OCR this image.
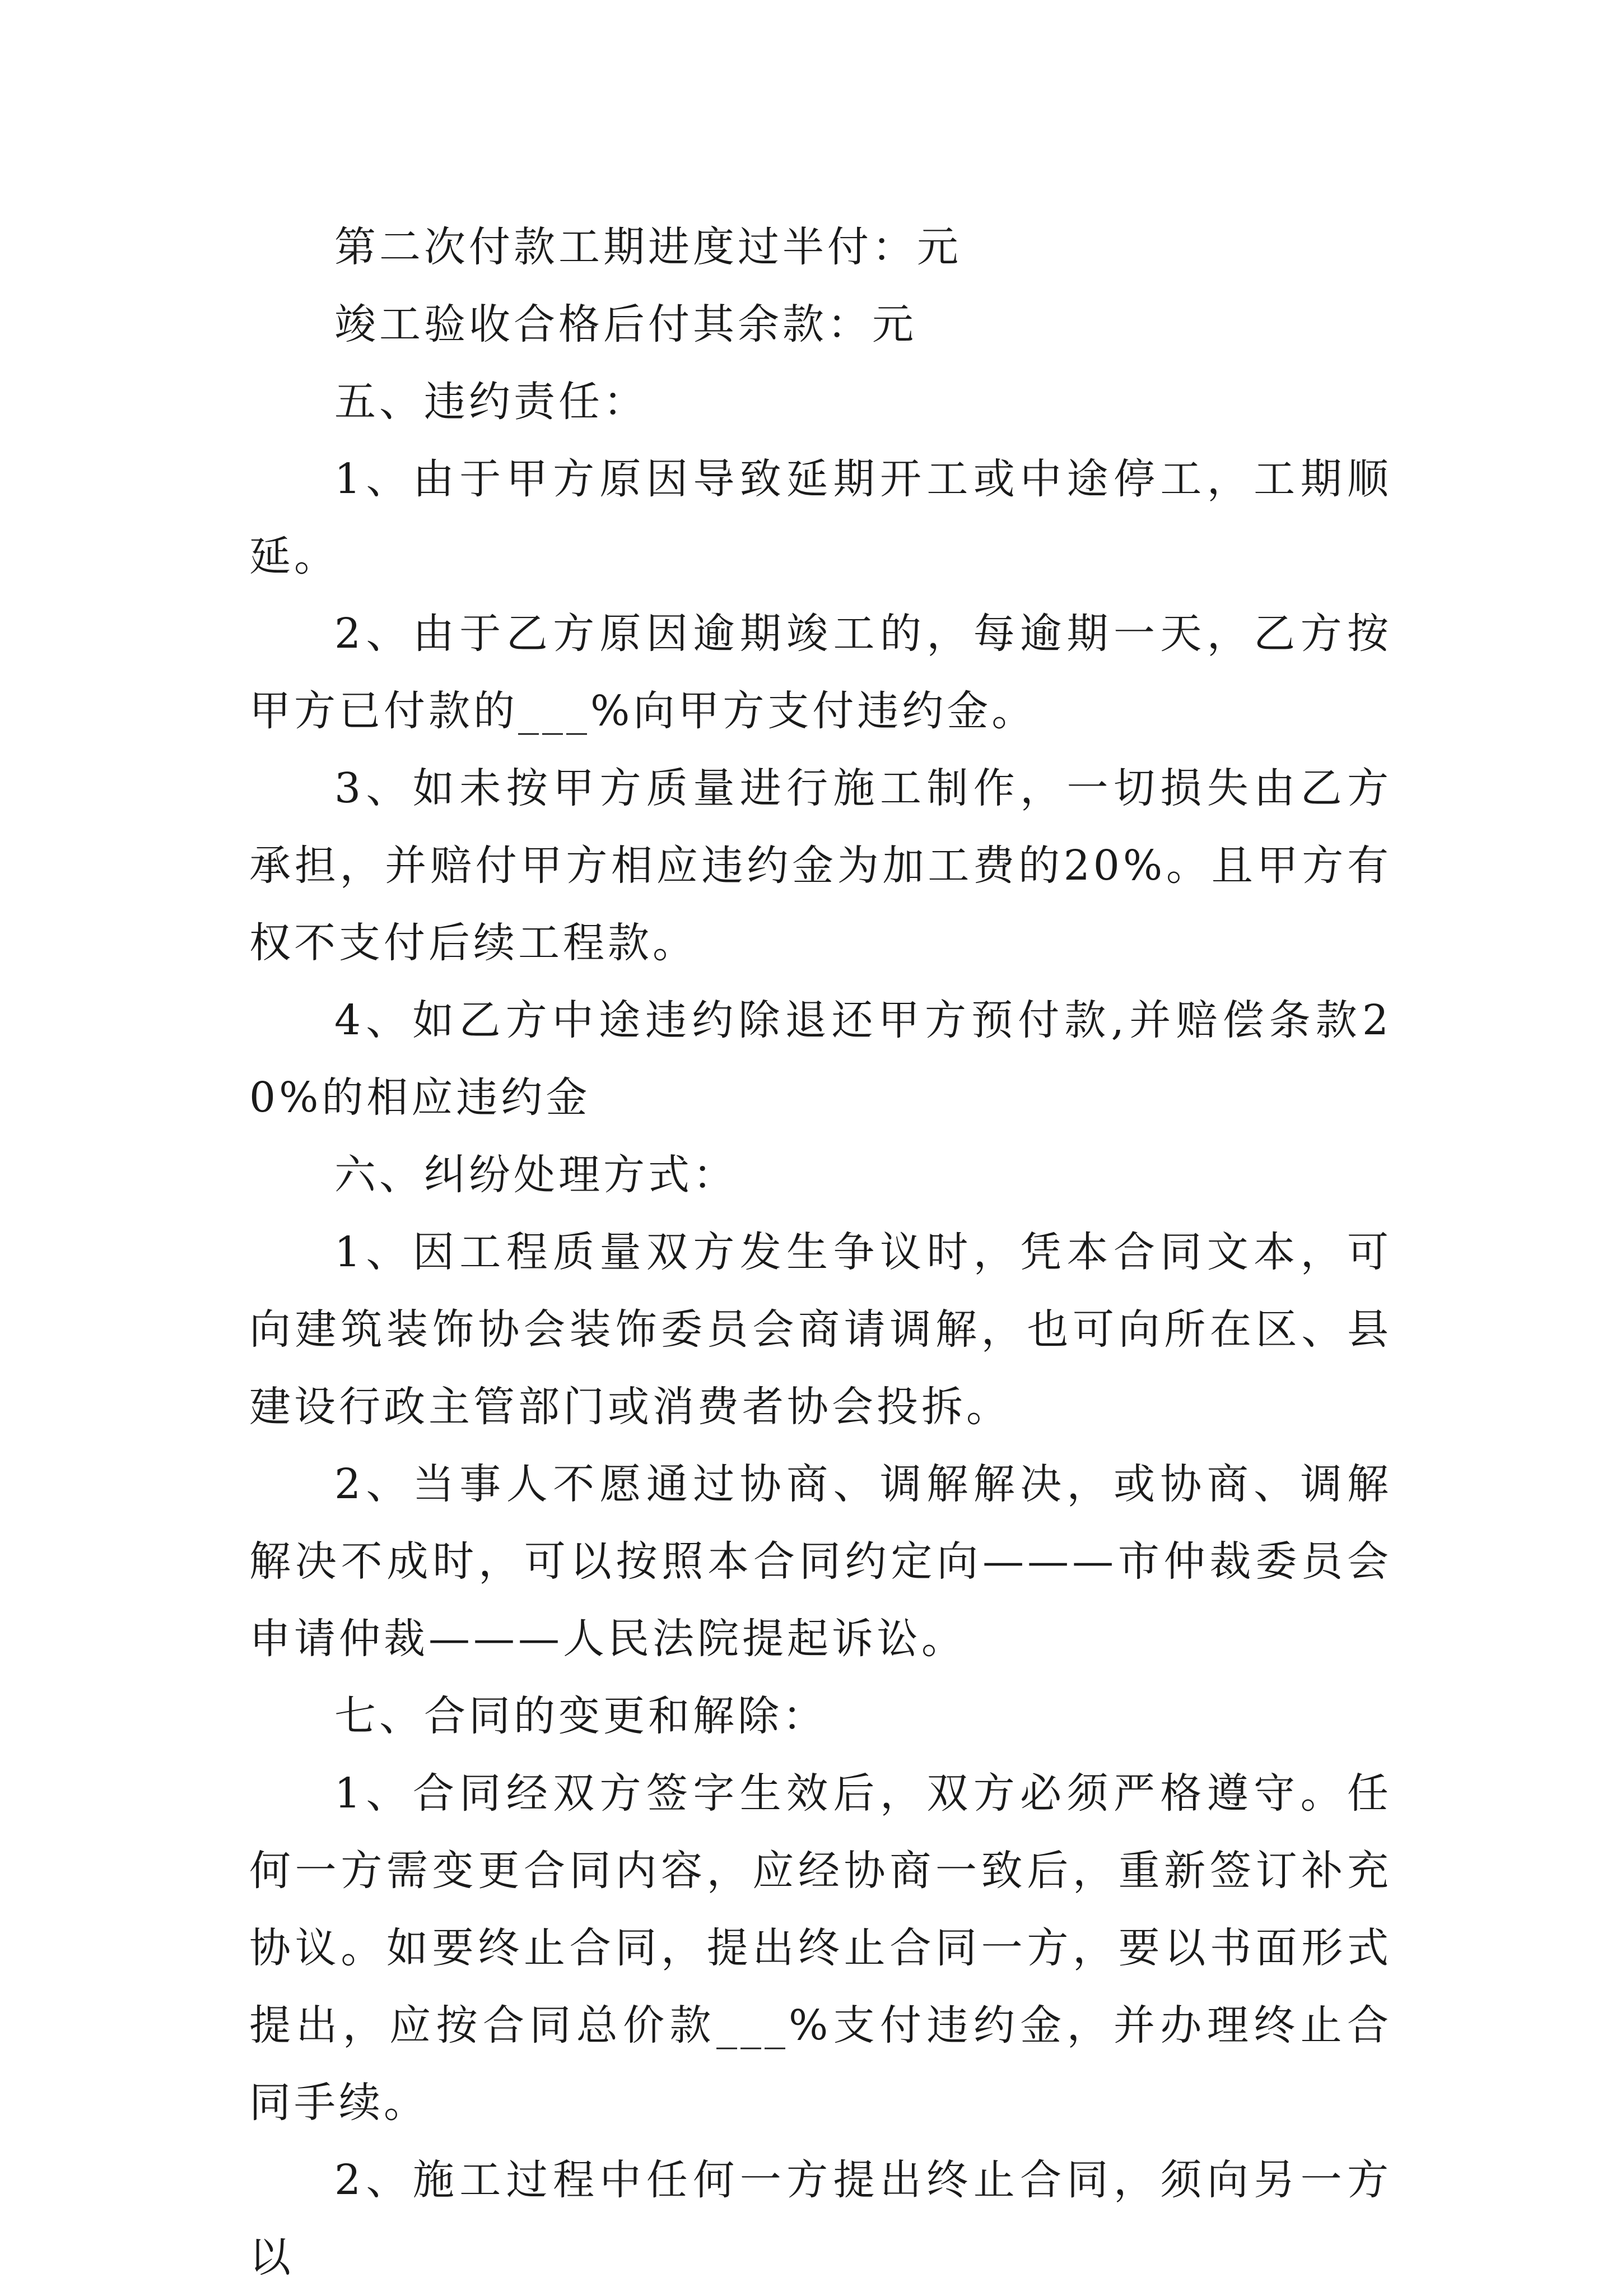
第二次付款工期进度过半付：元

竣工验收合格后付其余款：元

五、违约责任：

1、由于甲方原因导致延期开工或中途停工，工期顺延。

2、由于乙方原因逾期竣工的，每逾期一天，乙方按甲方已付款的___%向甲方支付违约金。

3、如未按甲方质量进行施工制作，一切损失由乙方承担，并赔付甲方相应违约金为加工费的20%。且甲方有权不支付后续工程款。

4、如乙方中途违约除退还甲方预付款,并赔偿条款20%的相应违约金

六、纠纷处理方式：

1、因工程质量双方发生争议时，凭本合同文本，可向建筑装饰协会装饰委员会商请调解，也可向所在区、县建设行政主管部门或消费者协会投拆。

2、当事人不愿通过协商、调解解决，或协商、调解解决不成时，可以按照本合同约定向———市仲裁委员会申请仲裁———人民法院提起诉讼。

七、合同的变更和解除：

1、合同经双方签字生效后，双方必须严格遵守。任何一方需变更合同内容，应经协商一致后，重新签订补充协议。如要终止合同，提出终止合同一方，要以书面形式提出，应按合同总价款___%支付违约金，并办理终止合同手续。

2、施工过程中任何一方提出终止合同，须向另一方以
